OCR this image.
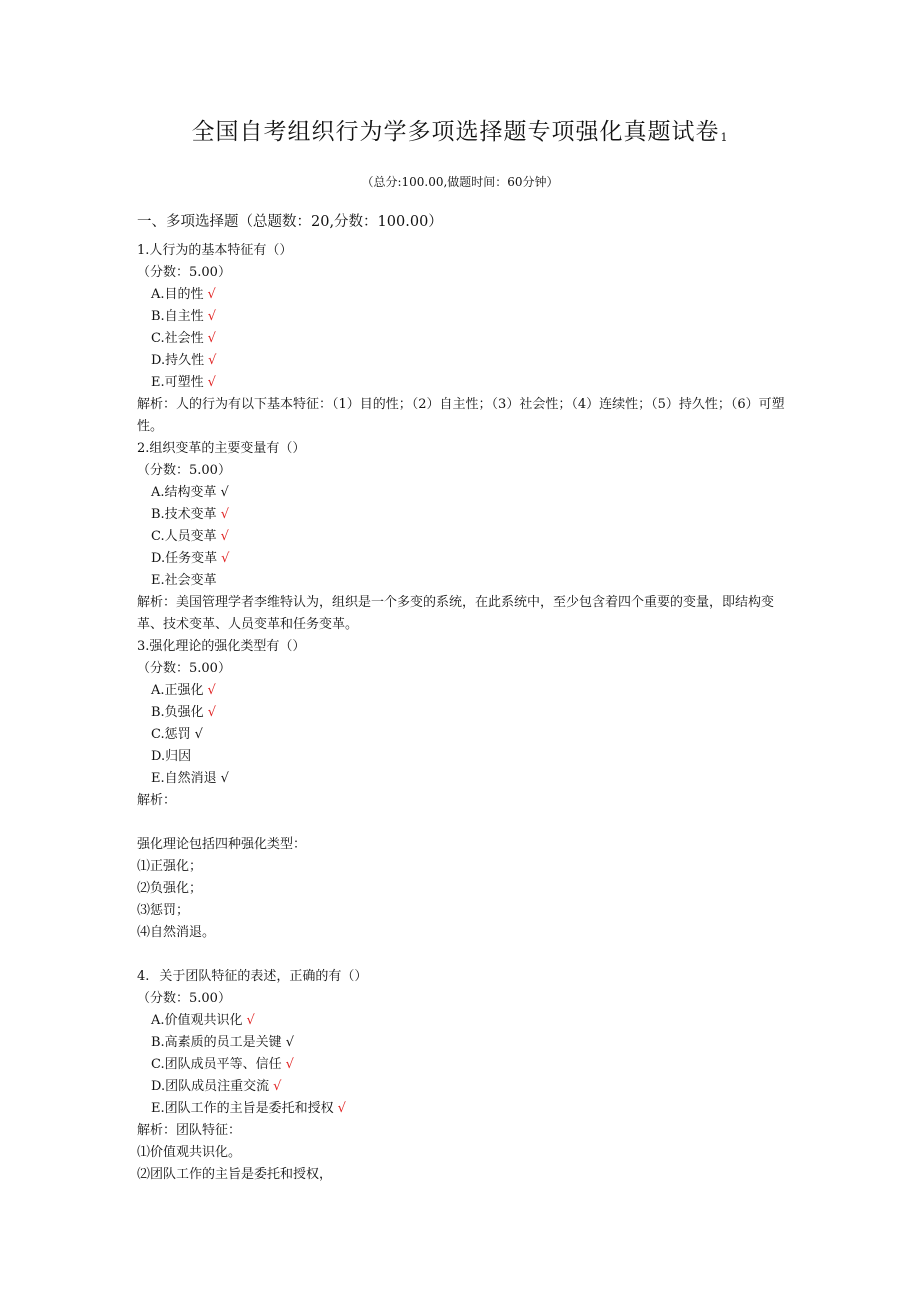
全国自考组织行为学多项选择题专项强化真题试卷$_1$
（总分:100.00,做题时间：60分钟）
一、多项选择题（总题数：20,分数：100.00）
1.人行为的基本特征有（）
（分数：5.00）
A.目的性 √
B.自主性 √
C.社会性 √
D.持久性 √
E.可塑性 √
解析：人的行为有以下基本特征：（1）目的性；（2）自主性；（3）社会性；（4）连续性；（5）持久性；（6）可塑性。
2.组织变革的主要变量有（）
（分数：5.00）
A.结构变革 √
B.技术变革 √
C.人员变革 √
D.任务变革 √
E.社会变革
解析：美国管理学者李维特认为，组织是一个多变的系统，在此系统中，至少包含着四个重要的变量，即结构变革、技术变革、人员变革和任务变革。
3.强化理论的强化类型有（）
（分数：5.00）
A.正强化 √
B.负强化 √
C.惩罚 √
D.归因
E.自然消退 √
解析：
强化理论包括四种强化类型：
⑴正强化；
⑵负强化；
⑶惩罚；
⑷自然消退。
4. 关于团队特征的表述，正确的有（）
（分数：5.00）
A.价值观共识化 √
B.高素质的员工是关键 √
C.团队成员平等、信任 √
D.团队成员注重交流 √
E.团队工作的主旨是委托和授权 √
解析：团队特征：
⑴价值观共识化。
⑵团队工作的主旨是委托和授权，
